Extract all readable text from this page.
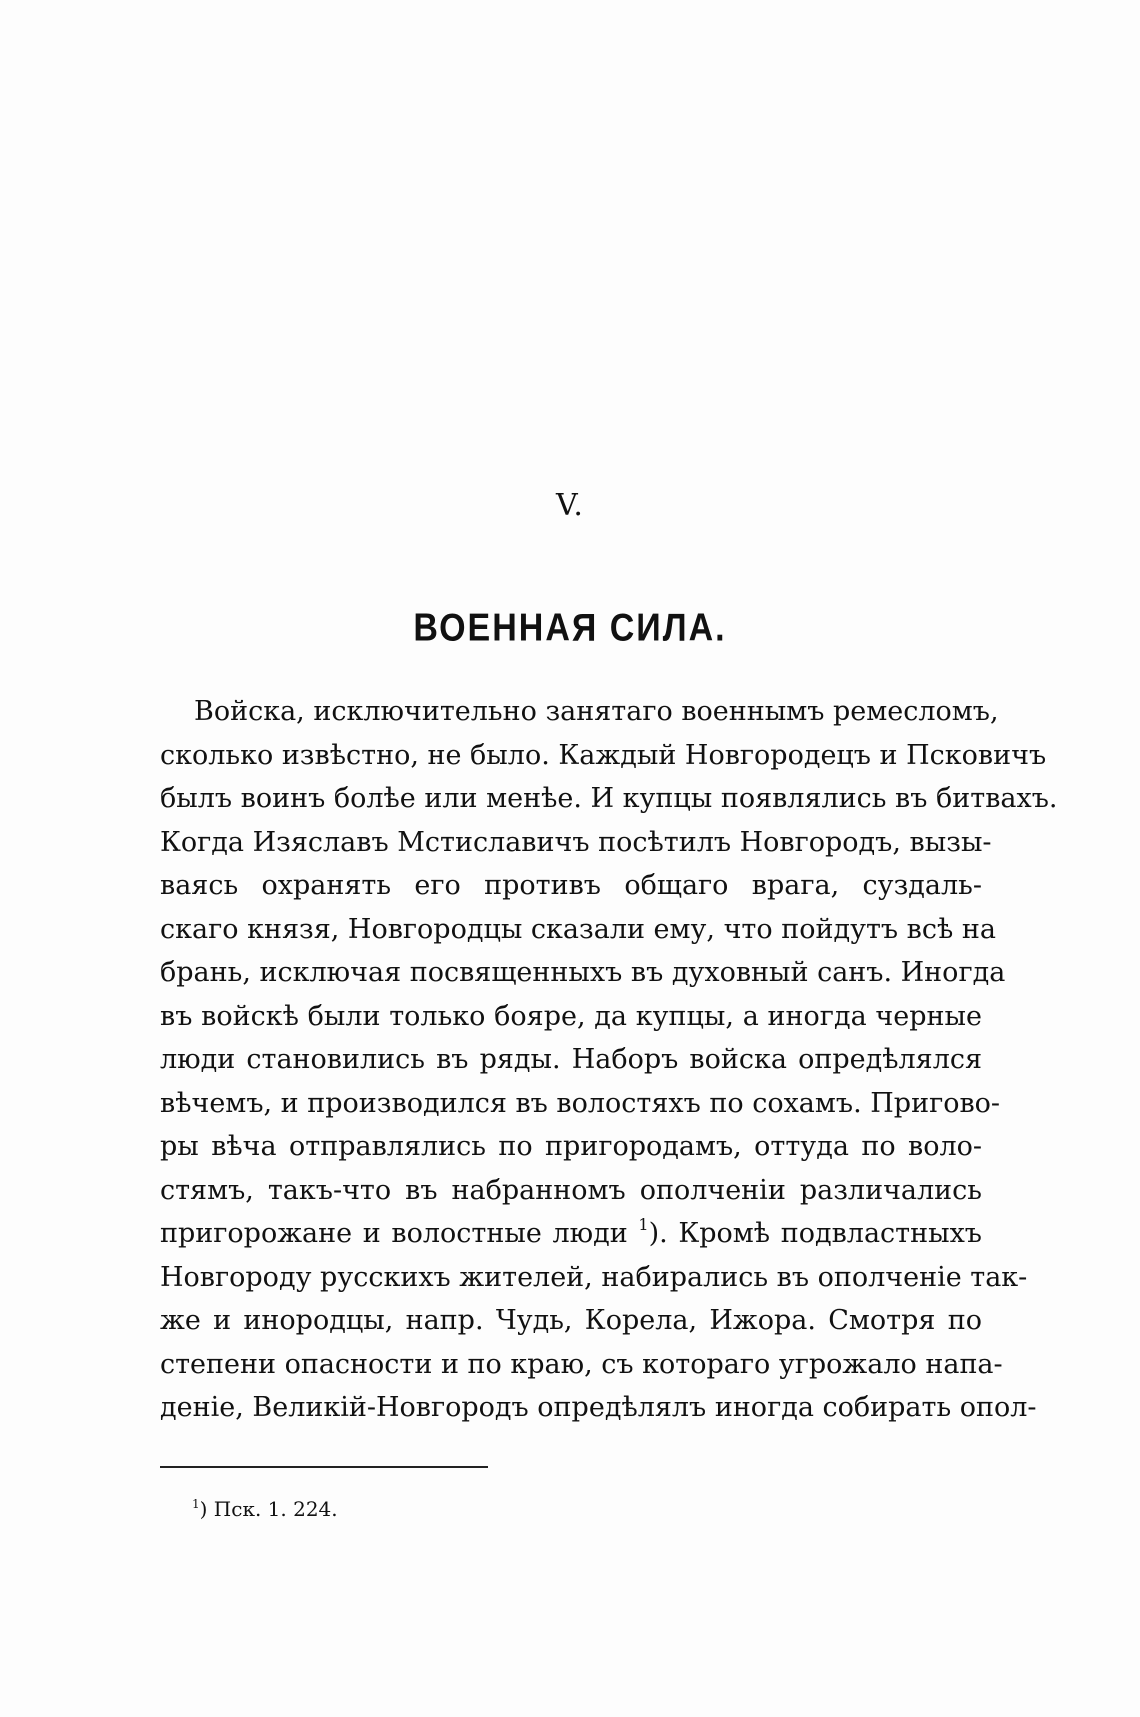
V.
ВОЕННАЯ СИЛА.
Войска, исключительно занятаго военнымъ ремесломъ,
сколько извѣстно, не было. Каждый Новгородецъ и Псковичъ
былъ воинъ болѣе или менѣе. И купцы появлялись въ битвахъ.
Когда Изяславъ Мстиславичъ посѣтилъ Новгородъ, вызы-
ваясь охранять его противъ общаго врага, суздаль-
скаго князя, Новгородцы сказали ему, что пойдутъ всѣ на
брань, исключая посвященныхъ въ духовный санъ. Иногда
въ войскѣ были только бояре, да купцы, а иногда черные
люди становились въ ряды. Наборъ войска опредѣлялся
вѣчемъ, и производился въ волостяхъ по сохамъ. Пригово-
ры вѣча отправлялись по пригородамъ, оттуда по воло-
стямъ, такъ-что въ набранномъ ополченіи различались
пригорожане и волостные люди $^1$). Кромѣ подвластныхъ
Новгороду русскихъ жителей, набирались въ ополченіе так-
же и инородцы, напр. Чудь, Корела, Ижора. Смотря по
степени опасности и по краю, съ котораго угрожало напа-
деніе, Великій-Новгородъ опредѣлялъ иногда собирать опол-
$^1$) Пск. 1. 224.
